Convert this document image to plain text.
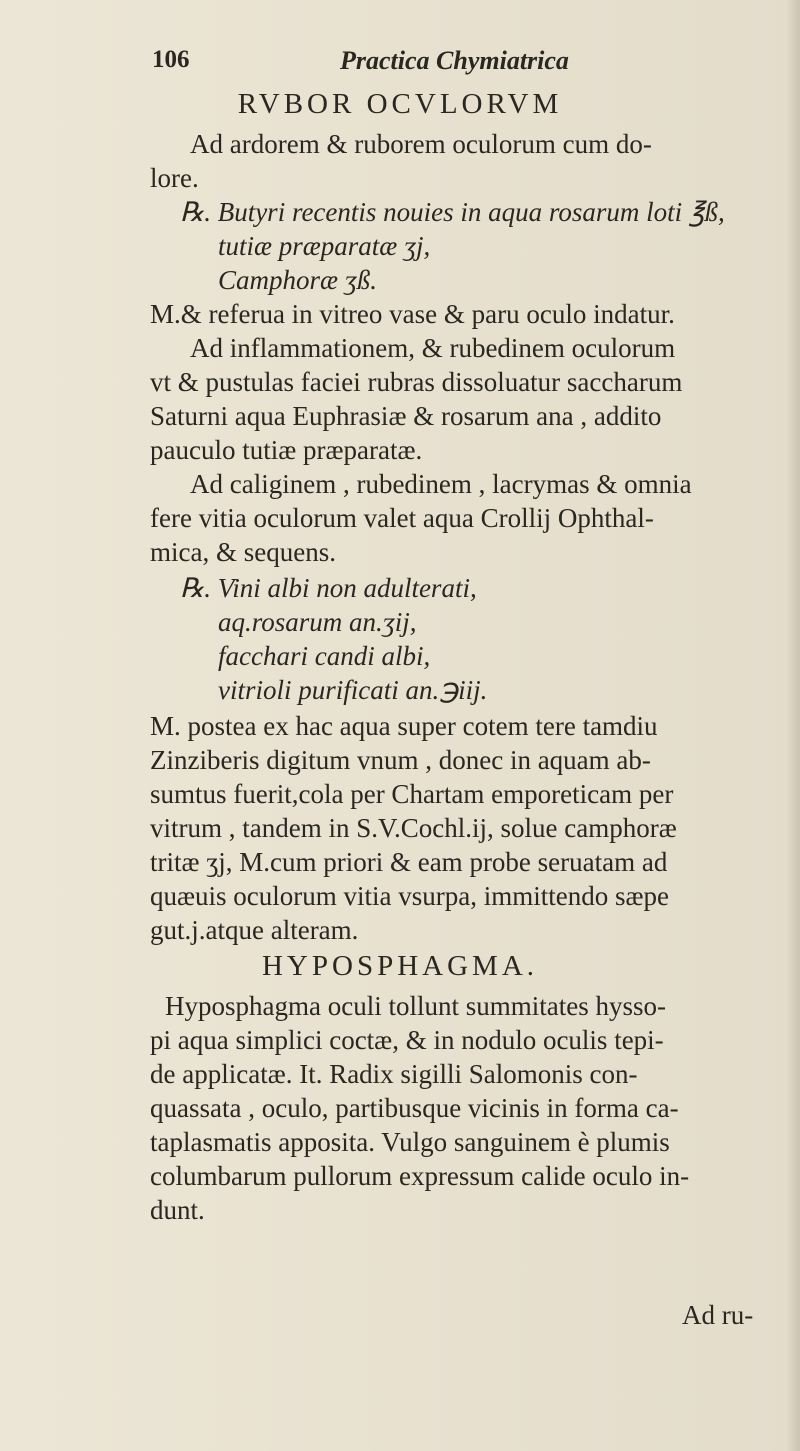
106	Practica Chymiatrica
RVBOR OCVLORVM
Ad ardorem & ruborem oculorum cum do-
lore.
℞. Butyri recentis nouies in aqua rosarum loti ℥ß,
tutiæ præparatæ ʒj,
Camphoræ ʒß.
M.& referua in vitreo vase & paru oculo indatur.
Ad inflammationem, & rubedinem oculorum
vt & pustulas faciei rubras dissoluatur saccharum
Saturni aqua Euphrasiæ & rosarum ana , addito
pauculo tutiæ præparatæ.
Ad caliginem , rubedinem , lacrymas & omnia
fere vitia oculorum valet aqua Crollij Ophthal-
mica, & sequens.
℞. Vini albi non adulterati,
aq.rosarum an.ʒij,
facchari candi albi,
vitrioli purificati an.℈iij.
M. postea ex hac aqua super cotem tere tamdiu
Zinziberis digitum vnum , donec in aquam ab-
sumtus fuerit,cola per Chartam emporeticam per
vitrum , tandem in S.V.Cochl.ij, solue camphoræ
tritæ ʒj, M.cum priori & eam probe seruatam ad
quæuis oculorum vitia vsurpa, immittendo sæpe
gut.j.atque alteram.
HYPOSPHAGMA.
Hyposphagma oculi tollunt summitates hysso-
pi aqua simplici coctæ, & in nodulo oculis tepi-
de applicatæ. It. Radix sigilli Salomonis con-
quassata , oculo, partibusque vicinis in forma ca-
taplasmatis apposita. Vulgo sanguinem è plumis
columbarum pullorum expressum calide oculo in-
dunt.
Ad ru-
